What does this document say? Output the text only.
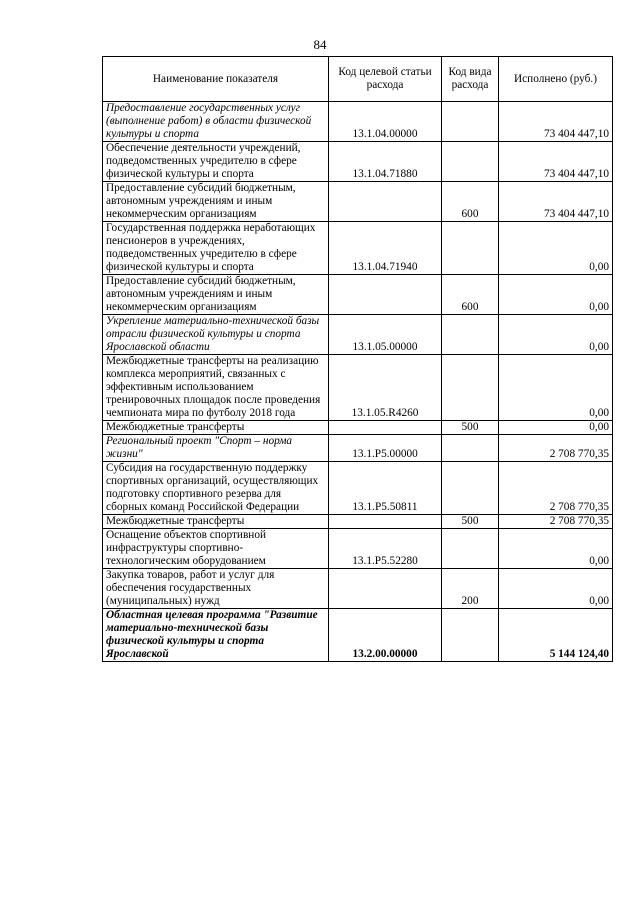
84
Наименование показателя	Код целевой статьи расхода	Код вида расхода	Исполнено (руб.)
Предоставление государственных услуг (выполнение работ) в области физической культуры и спорта	13.1.04.00000		73 404 447,10
Обеспечение деятельности учреждений, подведомственных учредителю в сфере физической культуры и спорта	13.1.04.71880		73 404 447,10
Предоставление субсидий бюджетным, автономным учреждениям и иным некоммерческим организациям		600	73 404 447,10
Государственная поддержка неработающих пенсионеров в учреждениях, подведомственных учредителю в сфере физической культуры и спорта	13.1.04.71940		0,00
Предоставление субсидий бюджетным, автономным учреждениям и иным некоммерческим организациям		600	0,00
Укрепление материально-технической базы отрасли физической культуры и спорта Ярославской области	13.1.05.00000		0,00
Межбюджетные трансферты на реализацию комплекса мероприятий, связанных с эффективным использованием тренировочных площадок после проведения чемпионата мира по футболу 2018 года	13.1.05.R4260		0,00
Межбюджетные трансферты		500	0,00
Региональный проект "Спорт – норма жизни"	13.1.P5.00000		2 708 770,35
Субсидия на государственную поддержку спортивных организаций, осуществляющих подготовку спортивного резерва для сборных команд Российской Федерации	13.1.P5.50811		2 708 770,35
Межбюджетные трансферты		500	2 708 770,35
Оснащение объектов спортивной инфраструктуры спортивно-технологическим оборудованием	13.1.P5.52280		0,00
Закупка товаров, работ и услуг для обеспечения государственных (муниципальных) нужд		200	0,00
Областная целевая программа "Развитие материально-технической базы физической культуры и спорта Ярославской	13.2.00.00000		5 144 124,40
